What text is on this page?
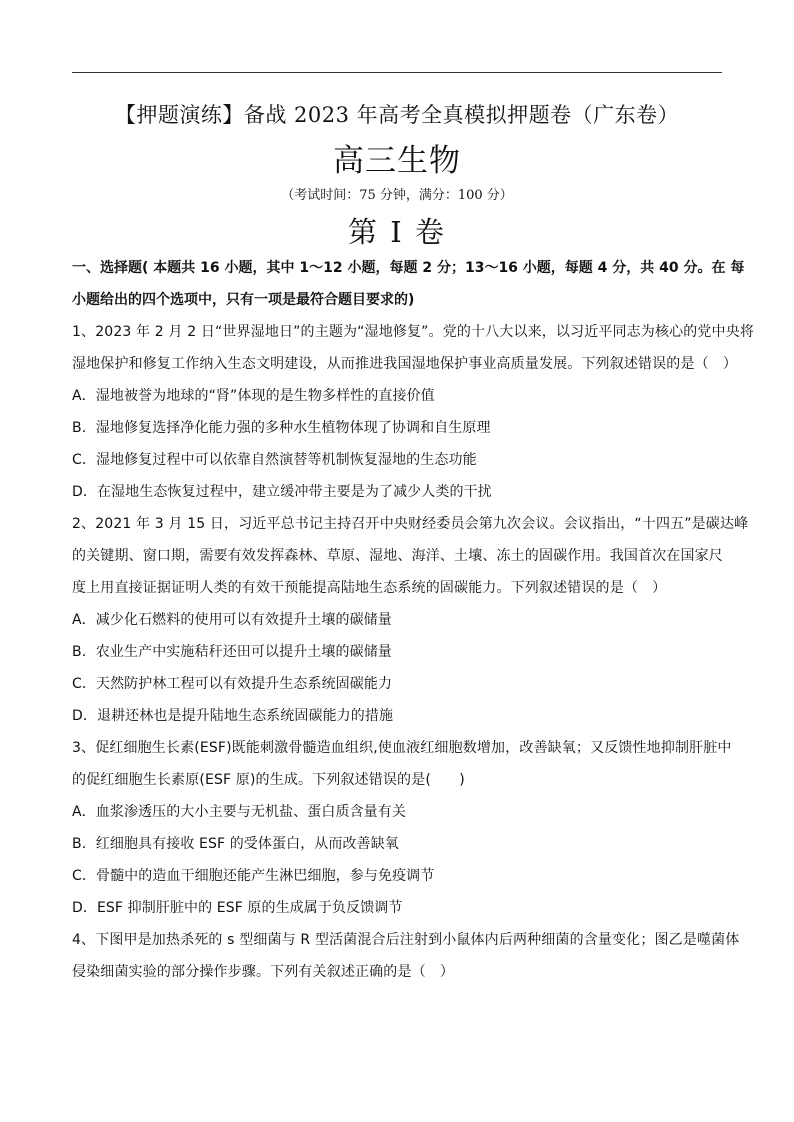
【押题演练】备战 2023 年高考全真模拟押题卷（广东卷）
高三生物
（考试时间：75 分钟，满分：100 分）
第 I 卷
一、选择题( 本题共 16 小题，其中 1～12 小题，每题 2 分；13～16 小题，每题 4 分，共 40 分。在 每
小题给出的四个选项中，只有一项是最符合题目要求的)
1、2023 年 2 月 2 日“世界湿地日”的主题为“湿地修复”。党的十八大以来，以习近平同志为核心的党中央将
湿地保护和修复工作纳入生态文明建设，从而推进我国湿地保护事业高质量发展。下列叙述错误的是（　）
A．湿地被誉为地球的“肾”体现的是生物多样性的直接价值
B．湿地修复选择净化能力强的多种水生植物体现了协调和自生原理
C．湿地修复过程中可以依靠自然演替等机制恢复湿地的生态功能
D．在湿地生态恢复过程中，建立缓冲带主要是为了减少人类的干扰
2、2021 年 3 月 15 日，习近平总书记主持召开中央财经委员会第九次会议。会议指出，“十四五”是碳达峰
的关键期、窗口期，需要有效发挥森林、草原、湿地、海洋、土壤、冻土的固碳作用。我国首次在国家尺
度上用直接证据证明人类的有效干预能提高陆地生态系统的固碳能力。下列叙述错误的是（　）
A．减少化石燃料的使用可以有效提升土壤的碳储量
B．农业生产中实施秸秆还田可以提升土壤的碳储量
C．天然防护林工程可以有效提升生态系统固碳能力
D．退耕还林也是提升陆地生态系统固碳能力的措施
3、促红细胞生长素(ESF)既能刺激骨髓造血组织,使血液红细胞数增加，改善缺氧；又反馈性地抑制肝脏中
的促红细胞生长素原(ESF 原)的生成。下列叙述错误的是(　　)
A．血浆渗透压的大小主要与无机盐、蛋白质含量有关
B．红细胞具有接收 ESF 的受体蛋白，从而改善缺氧
C．骨髓中的造血干细胞还能产生淋巴细胞，参与免疫调节
D．ESF 抑制肝脏中的 ESF 原的生成属于负反馈调节
4、下图甲是加热杀死的 s 型细菌与 R 型活菌混合后注射到小鼠体内后两种细菌的含量变化；图乙是噬菌体
侵染细菌实验的部分操作步骤。下列有关叙述正确的是（　）
